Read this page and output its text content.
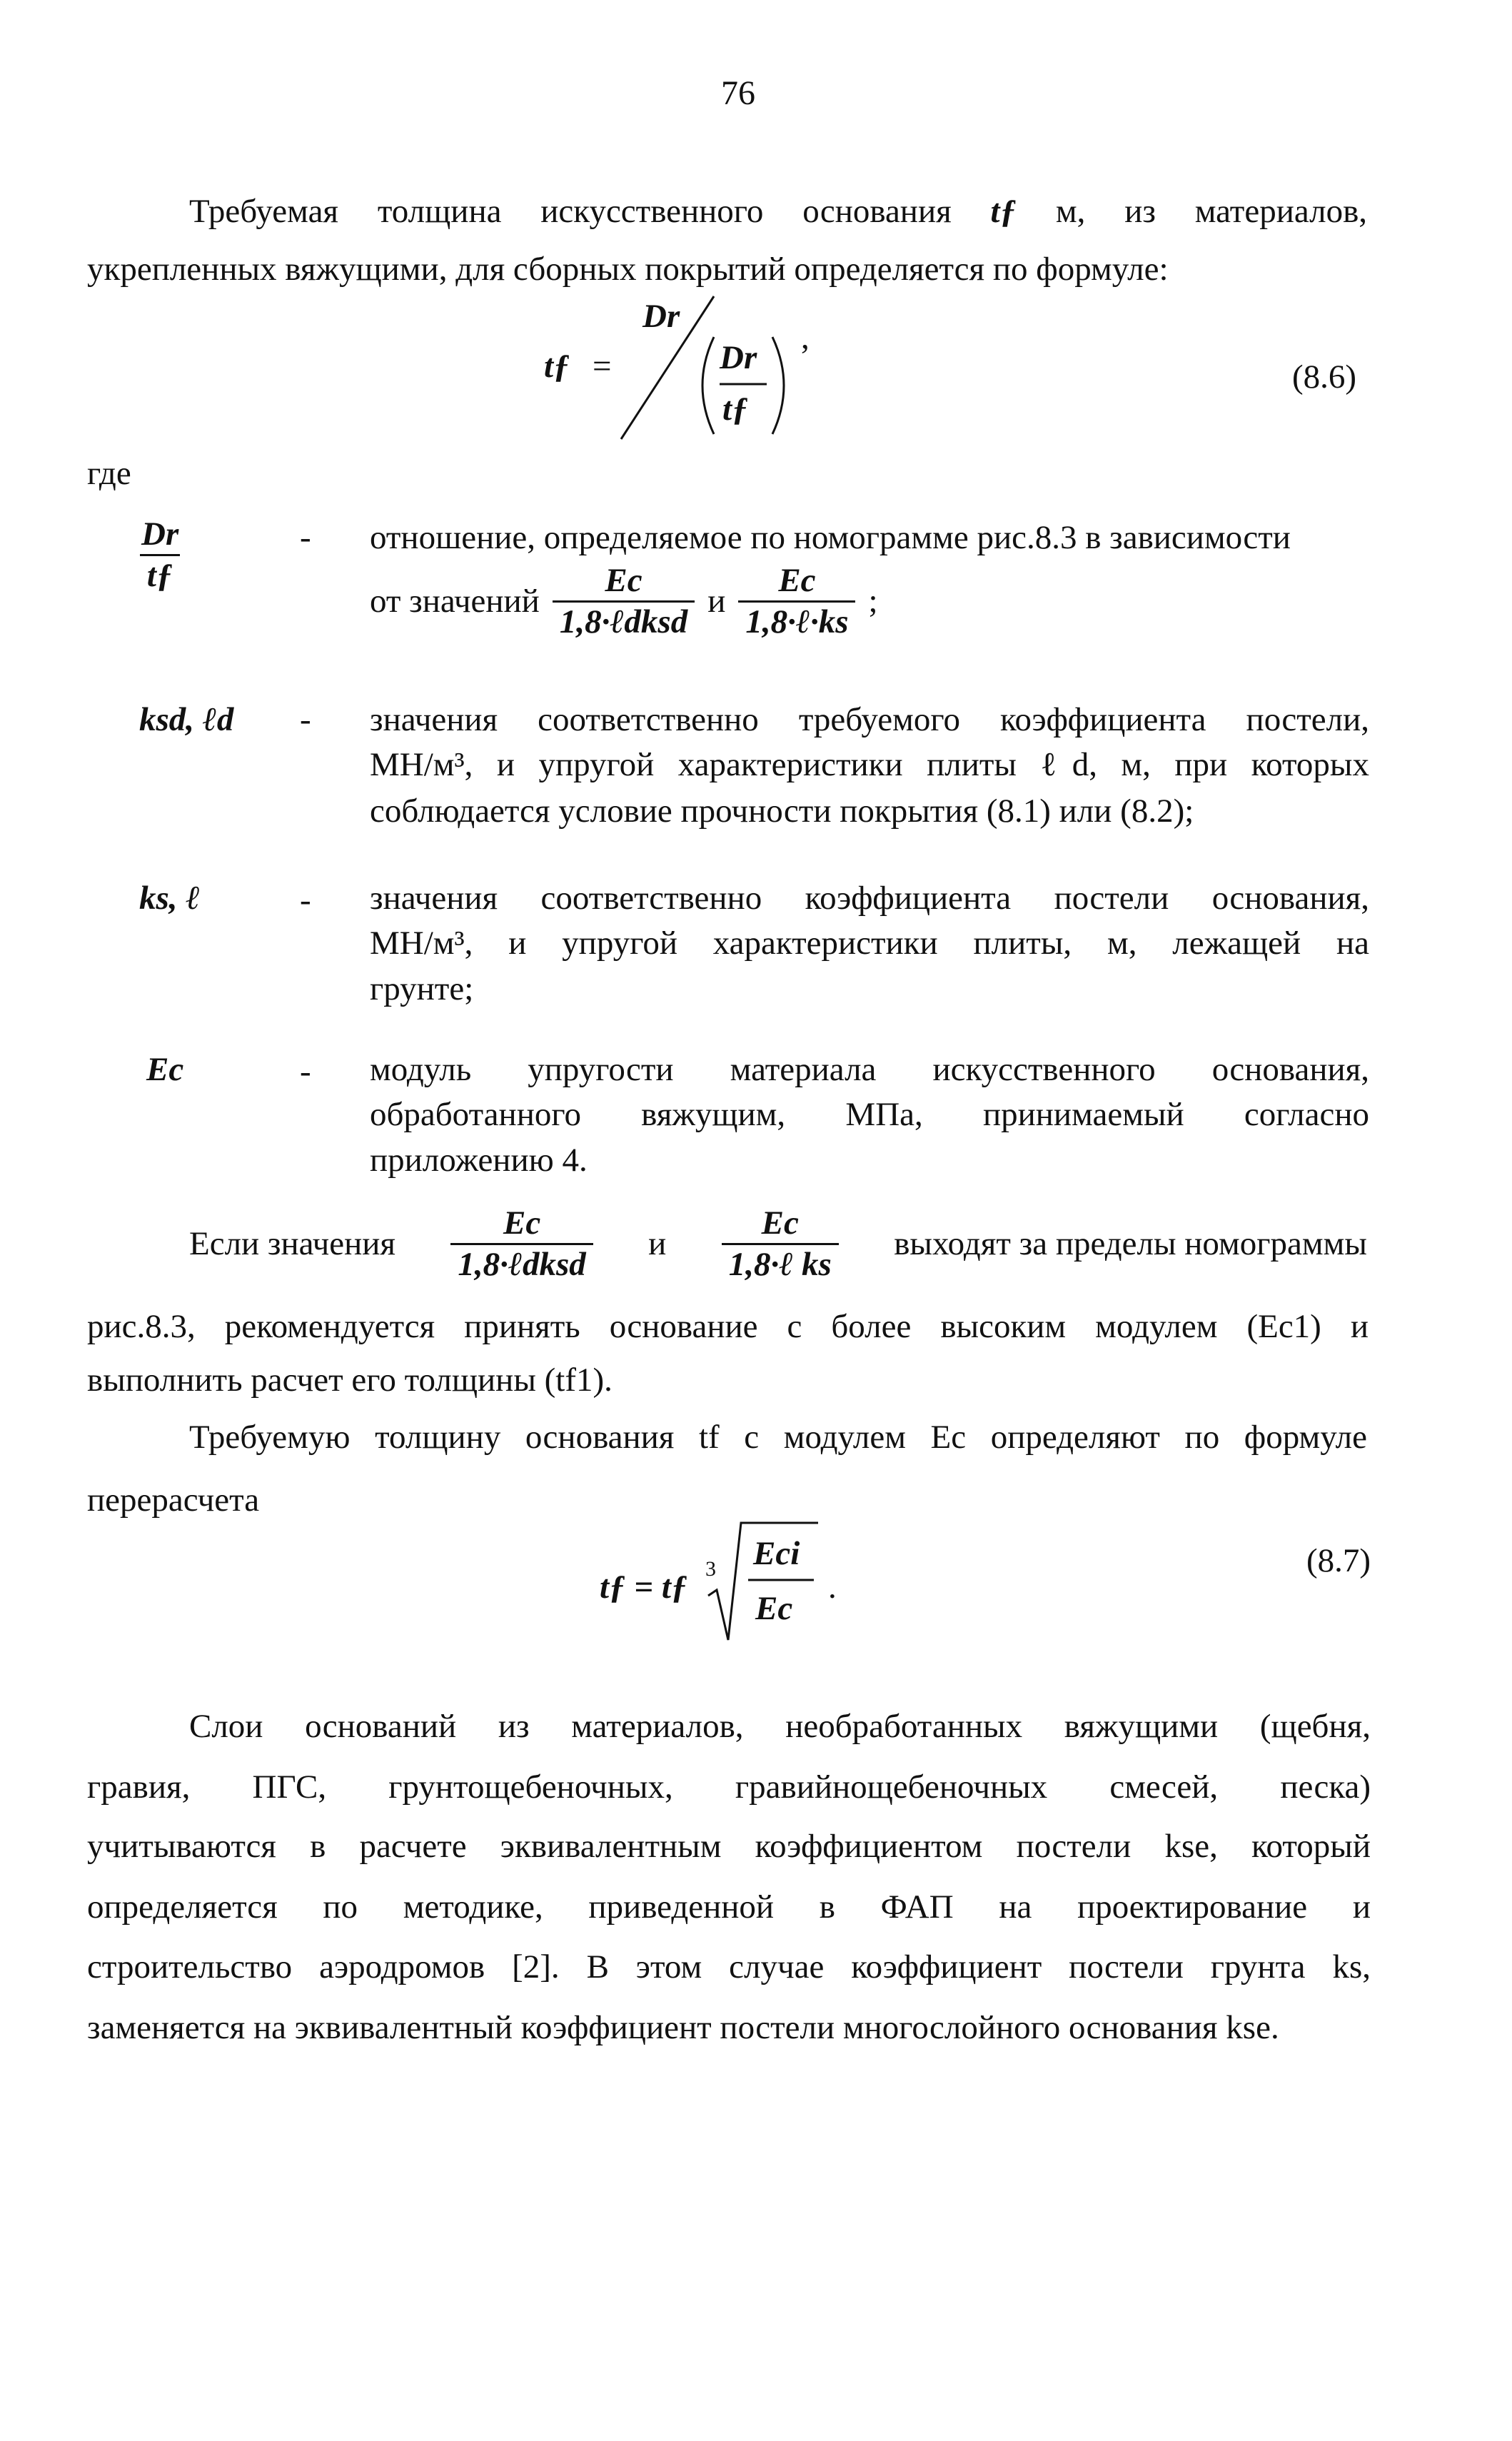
76
Требуемая толщина искусственного основания tƒ м, из материалов,
укрепленных вяжущими, для сборных покрытий определяется по формуле:
tƒ =
Dr
Dr
tƒ
,
(8.6)
где
$\frac{Dr}{tƒ}$	- отношение, определяемое по номограмме рис.8.3 в зависимости
от значений $\frac{Ec}{\text{1,8·ℓdksd}}$ и $\frac{Ec}{\text{1,8·ℓ·ks}}$ ;
ksd, ℓd - значения соответственно требуемого коэффициента постели,
МН/м³, и упругой характеристики плиты ℓd, м, при которых
соблюдается условие прочности покрытия (8.1) или (8.2);
ks, ℓ	- значения соответственно коэффициента постели основания,
МН/м³, и упругой характеристики плиты, м, лежащей на
грунте;
Ec	- модуль упругости материала искусственного основания,
обработанного вяжущим, МПа, принимаемый согласно
приложению 4.
Если значения $\frac{Ec}{\text{1,8·ℓdksd}}$ и $\frac{Ec}{\text{1,8·ℓ ks}}$ выходят за пределы номограммы
рис.8.3, рекомендуется принять основание с более высоким модулем (Ec1) и
выполнить расчет его толщины (tf1).
Требуемую толщину основания tf с модулем Ec определяют по формуле
перерасчета
tƒ = tƒ 3 Eci
Ec
.
(8.7)
Слои оснований из материалов, необработанных вяжущими (щебня,
гравия, ПГС, грунтощебеночных, гравийнощебеночных смесей, песка)
учитываются в расчете эквивалентным коэффициентом постели kse, который
определяется по методике, приведенной в ФАП на проектирование и
строительство аэродромов [2]. В этом случае коэффициент постели грунта ks,
заменяется на эквивалентный коэффициент постели многослойного основания kse.
